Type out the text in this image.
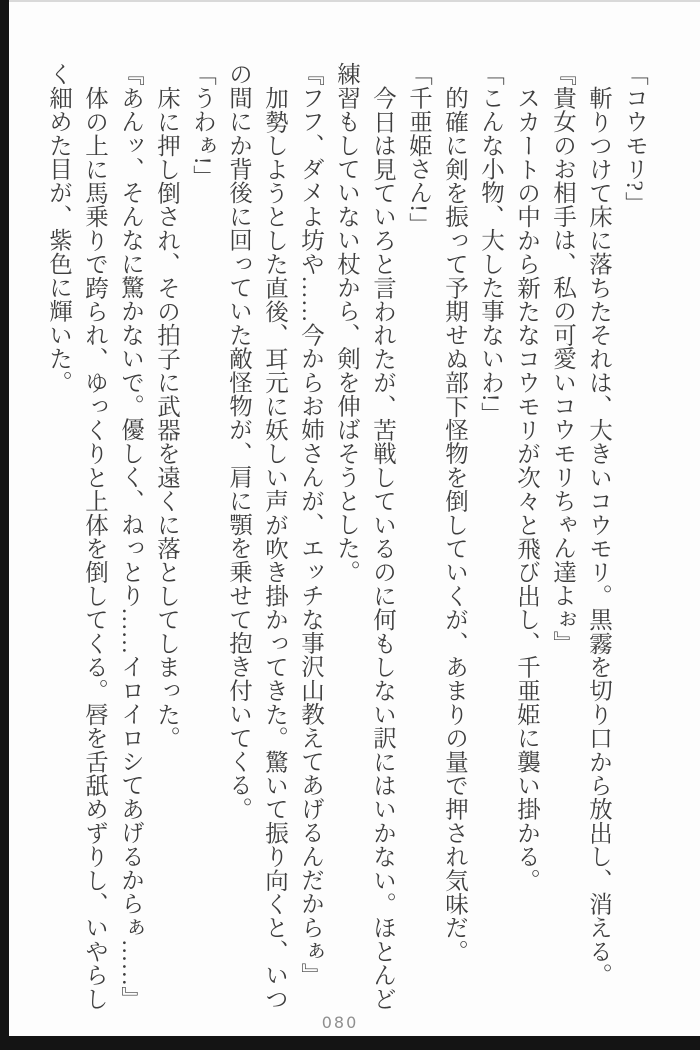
「コウモリ?」
斬りつけて床に落ちたそれは、大きいコウモリ。黒霧を切り口から放出し、消える。
『貴女のお相手は、私の可愛いコウモリちゃん達よぉ』
スカートの中から新たなコウモリが次々と飛び出し、千亜姫に襲い掛かる。
「こんな小物、大した事ないわ!」
的確に剣を振って予期せぬ部下怪物を倒していくが、あまりの量で押され気味だ。
「千亜姫さん!」
今日は見ていろと言われたが、苦戦しているのに何もしない訳にはいかない。ほとんど
練習もしていない杖から、剣を伸ばそうとした。
『フフ、ダメよ坊や……今からお姉さんが、エッチな事沢山教えてあげるんだからぁ』
加勢しようとした直後、耳元に妖しい声が吹き掛かってきた。驚いて振り向くと、いつ
の間にか背後に回っていた敵怪物が、肩に顎を乗せて抱き付いてくる。
「うわぁ!」
床に押し倒され、その拍子に武器を遠くに落としてしまった。
『あんッ、そんなに驚かないで。優しく、ねっとり……イロイロシてあげるからぁ……』
体の上に馬乗りで跨られ、ゆっくりと上体を倒してくる。唇を舌舐めずりし、いやらし
く細めた目が、紫色に輝いた。
080
